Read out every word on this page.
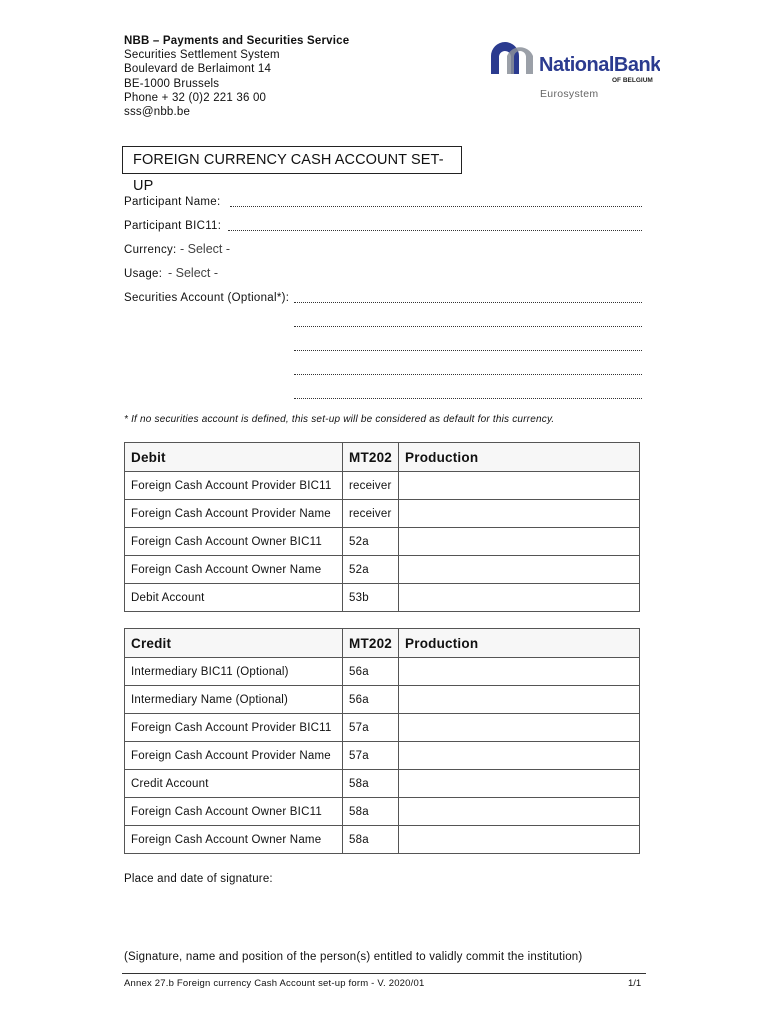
NBB – Payments and Securities Service
Securities Settlement System
Boulevard de Berlaimont 14
BE-1000 Brussels
Phone + 32 (0)2 221 36 00
sss@nbb.be
NationalBank
OF BELGIUM
Eurosystem
FOREIGN CURRENCY CASH ACCOUNT SET-UP
Participant Name:
Participant BIC11:
Currency: - Select -
Usage: - Select -
Securities Account (Optional*):
* If no securities account is defined, this set-up will be considered as default for this currency.
Debit	MT202	Production
Foreign Cash Account Provider BIC11	receiver	
Foreign Cash Account Provider Name	receiver	
Foreign Cash Account Owner BIC11	52a	
Foreign Cash Account Owner Name	52a	
Debit Account	53b	
Credit	MT202	Production
Intermediary BIC11 (Optional)	56a	
Intermediary Name (Optional)	56a	
Foreign Cash Account Provider BIC11	57a	
Foreign Cash Account Provider Name	57a	
Credit Account	58a	
Foreign Cash Account Owner BIC11	58a	
Foreign Cash Account Owner Name	58a	
Place and date of signature:
(Signature, name and position of the person(s) entitled to validly commit the institution)
Annex 27.b Foreign currency Cash Account set-up form - V. 2020/01	1/1
